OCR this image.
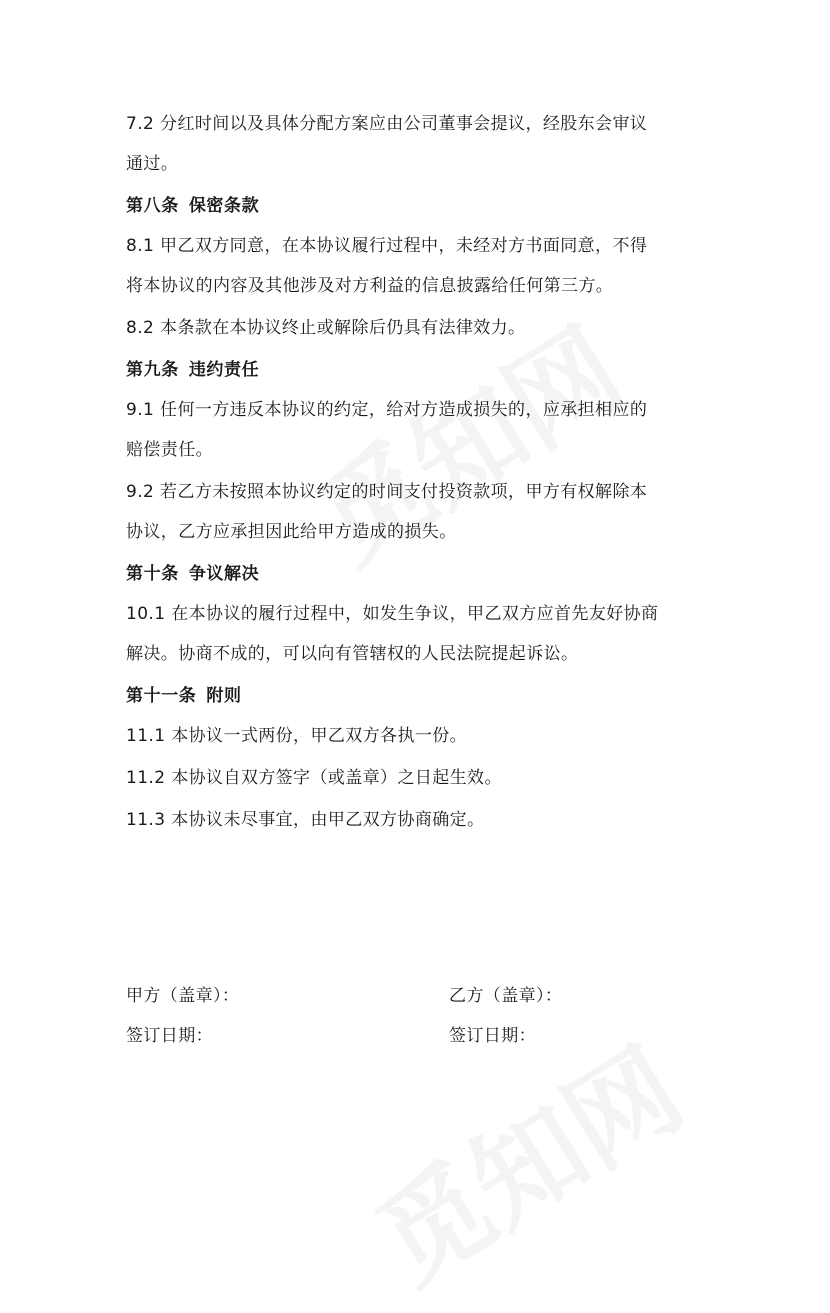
7.2 分红时间以及具体分配方案应由公司董事会提议，经股东会审议
通过。
第八条 保密条款
8.1 甲乙双方同意，在本协议履行过程中，未经对方书面同意，不得
将本协议的内容及其他涉及对方利益的信息披露给任何第三方。
8.2 本条款在本协议终止或解除后仍具有法律效力。
第九条 违约责任
9.1 任何一方违反本协议的约定，给对方造成损失的，应承担相应的
赔偿责任。
9.2 若乙方未按照本协议约定的时间支付投资款项，甲方有权解除本
协议，乙方应承担因此给甲方造成的损失。
第十条 争议解决
10.1 在本协议的履行过程中，如发生争议，甲乙双方应首先友好协商
解决。协商不成的，可以向有管辖权的人民法院提起诉讼。
第十一条 附则
11.1 本协议一式两份，甲乙双方各执一份。
11.2 本协议自双方签字（或盖章）之日起生效。
11.3 本协议未尽事宜，由甲乙双方协商确定。
甲方（盖章）：	乙方（盖章）：
签订日期：	签订日期：
